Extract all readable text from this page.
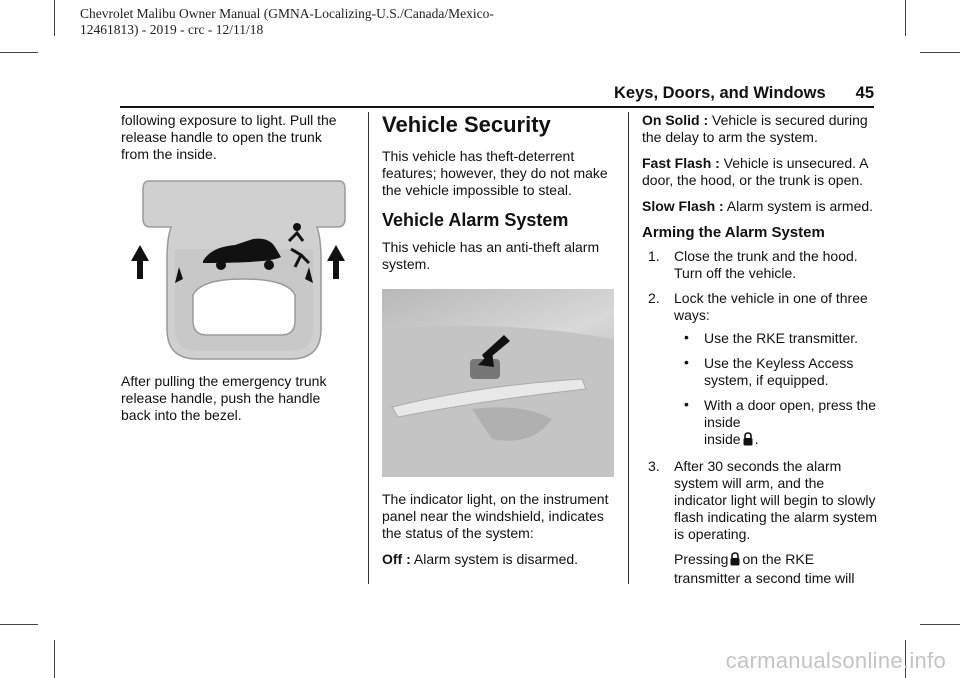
Chevrolet Malibu Owner Manual (GMNA-Localizing-U.S./Canada/Mexico-
12461813) - 2019 - crc - 12/11/18
Keys, Doors, and Windows 45

following exposure to light. Pull the release handle to open the trunk from the inside.

After pulling the emergency trunk release handle, push the handle back into the bezel.

Vehicle Security

This vehicle has theft-deterrent features; however, they do not make the vehicle impossible to steal.

Vehicle Alarm System

This vehicle has an anti-theft alarm system.

The indicator light, on the instrument panel near the windshield, indicates the status of the system:

Off : Alarm system is disarmed.

On Solid : Vehicle is secured during the delay to arm the system.

Fast Flash : Vehicle is unsecured. A door, the hood, or the trunk is open.

Slow Flash : Alarm system is armed.

Arming the Alarm System
1. Close the trunk and the hood. Turn off the vehicle.
2. Lock the vehicle in one of three ways:
• Use the RKE transmitter.
• Use the Keyless Access system, if equipped.
• With a door open, press the inside
inside .
3. After 30 seconds the alarm system will arm, and the indicator light will begin to slowly flash indicating the alarm system is operating.
Pressing on the RKE transmitter a second time will
carmanualsonline.info
